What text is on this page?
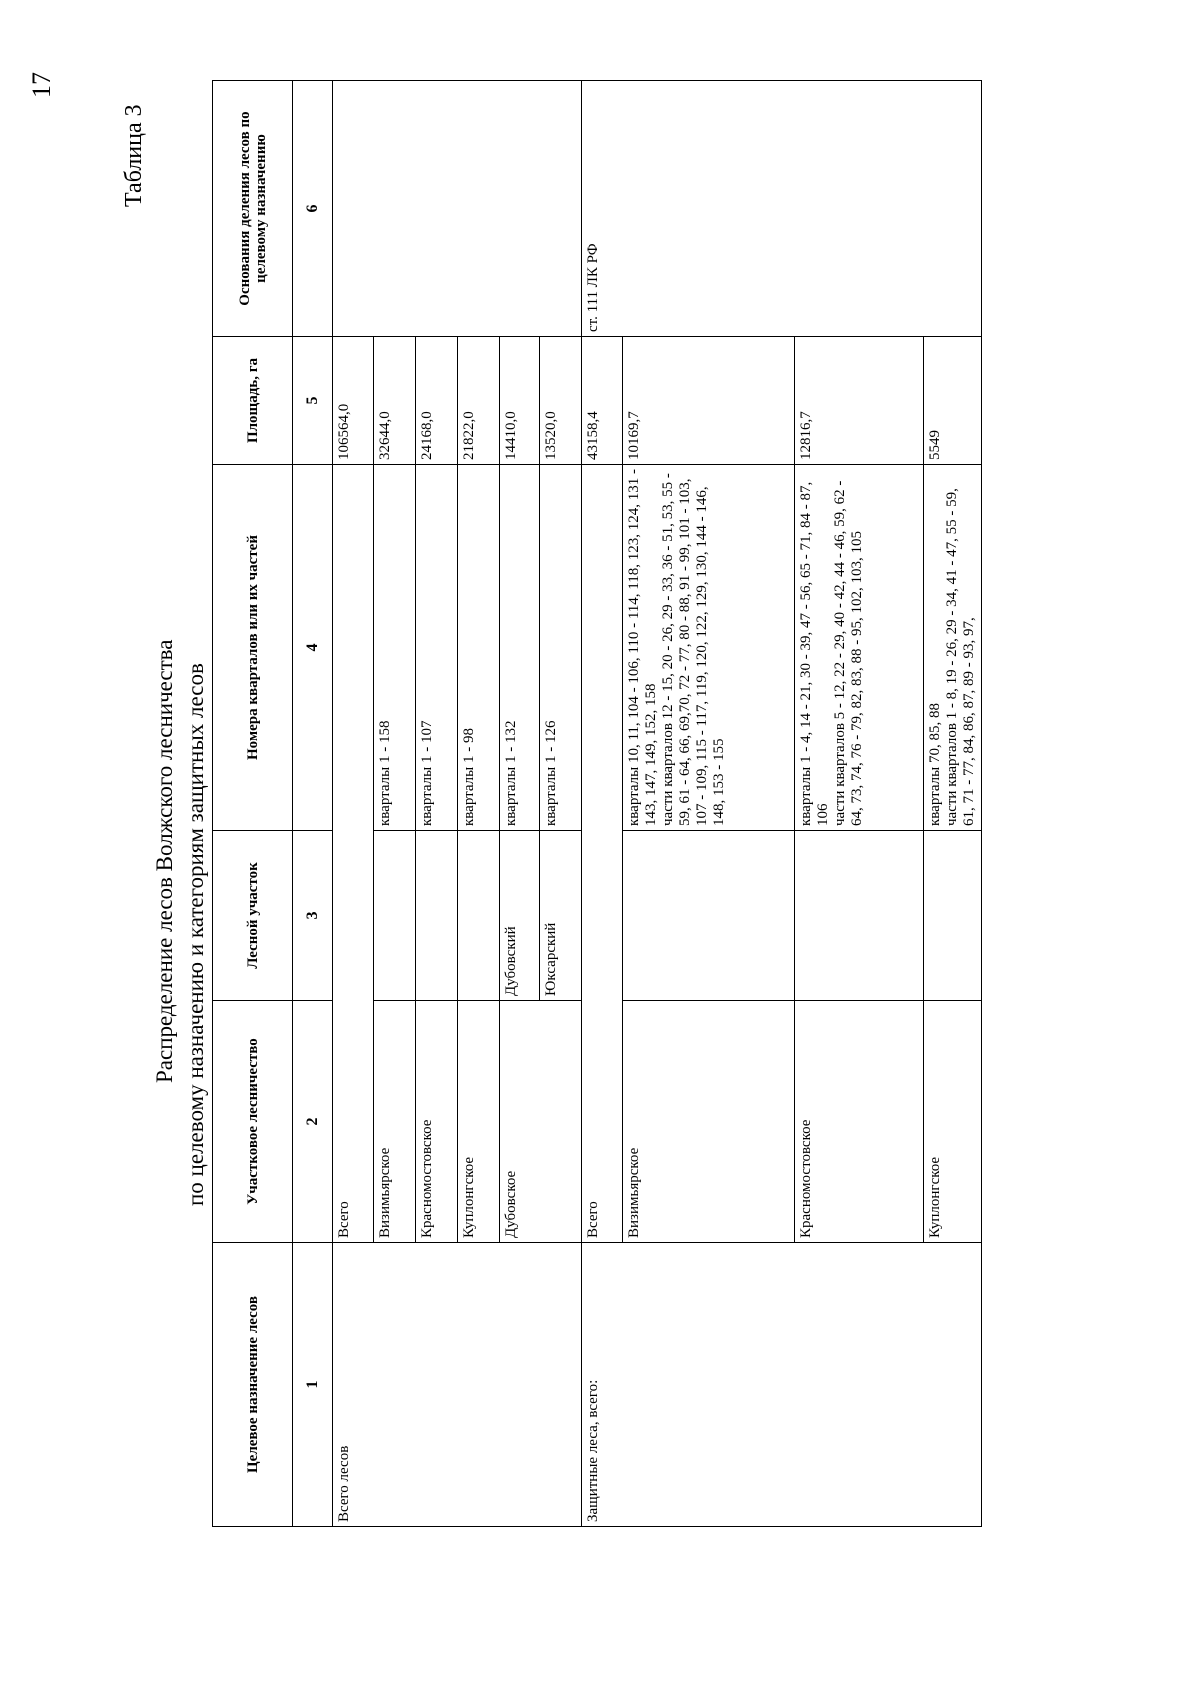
17
Таблица 3
Распределение лесов Волжского лесничества по целевому назначению и категориям защитных лесов
Целевое назначение лесов	Участковое лесничество	Лесной участок	Номера кварталов или их частей	Площадь, га	Основания деления лесов по целевому назначению
1	2	3	4	5	6
Всего лесов	Всего			106564,0	
	Визимьярское		кварталы 1 - 158	32644,0	
	Красномостовское		кварталы 1 - 107	24168,0	
	Куплонгское		кварталы 1 - 98	21822,0	
	Дубовское	Дубовский	кварталы 1 - 132	14410,0	
		Юксарский	кварталы 1 - 126	13520,0	
Защитные леса, всего:	Всего			43158,4	ст. 111 ЛК РФ
	Визимьярское		кварталы 10, 11, 104 - 106, 110 - 114, 118, 123, 124, 131 - 143, 147, 149, 152, 158
части кварталов 12 - 15, 20 - 26, 29 - 33, 36 - 51, 53, 55 - 59, 61 - 64, 66, 69,70, 72 - 77, 80 - 88, 91 - 99, 101 - 103, 107 - 109, 115 - 117, 119, 120, 122, 129, 130, 144 - 146, 148, 153 - 155	10169,7	
	Красномостовское		кварталы 1 - 4, 14 - 21, 30 - 39, 47 - 56, 65 - 71, 84 - 87, 106
части кварталов 5 - 12, 22 - 29, 40 - 42, 44 - 46, 59, 62 - 64, 73, 74, 76 - 79, 82, 83, 88 - 95, 102, 103, 105	12816,7	
	Куплонгское		кварталы 70, 85, 88
части кварталов 1 - 8, 19 - 26, 29 - 34, 41 - 47, 55 - 59, 61, 71 - 77, 84, 86, 87, 89 - 93, 97,	5549	
